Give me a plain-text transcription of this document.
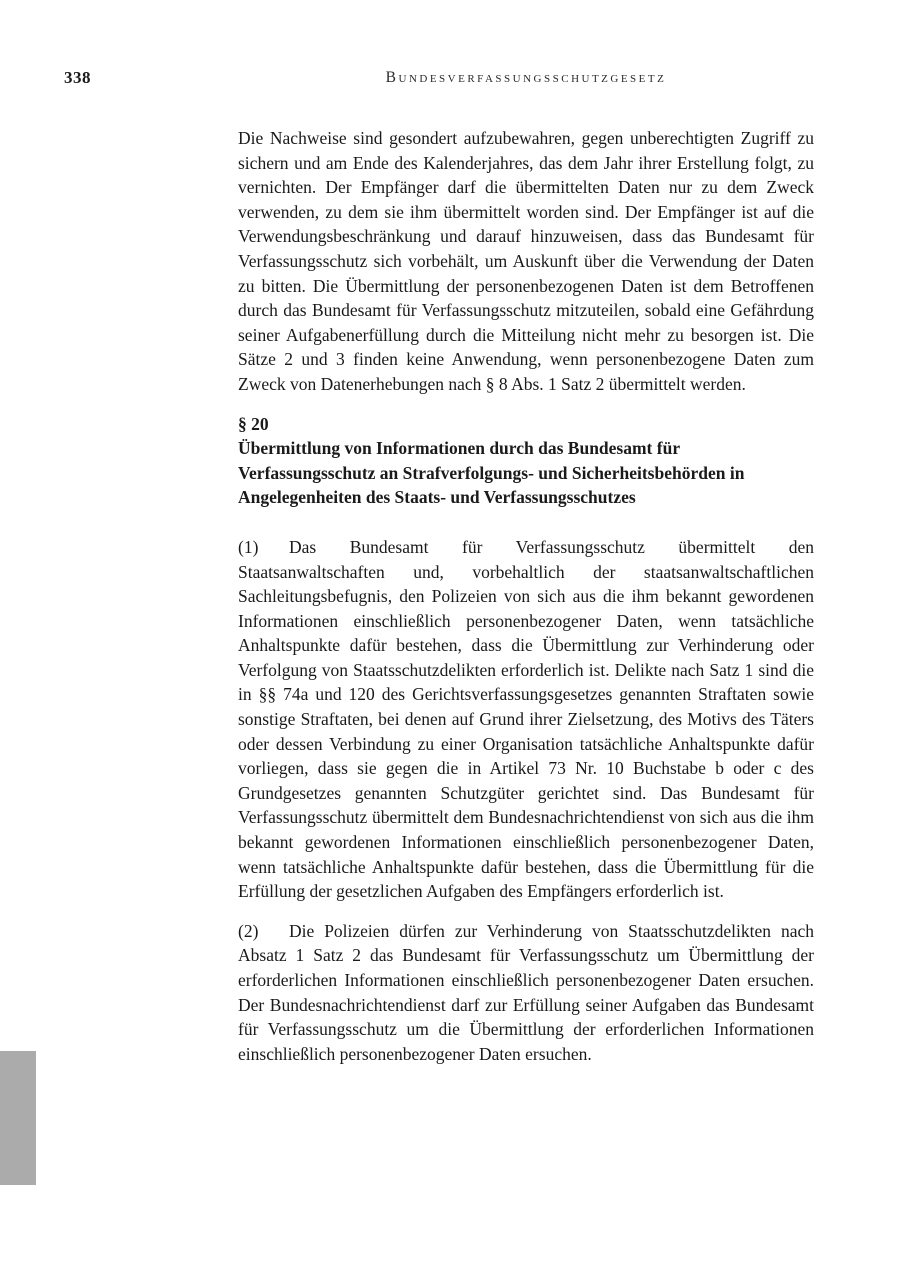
338	Bundesverfassungsschutzgesetz

Die Nachweise sind gesondert aufzubewahren, gegen unberechtigten Zugriff zu sichern und am Ende des Kalenderjahres, das dem Jahr ihrer Erstellung folgt, zu vernichten. Der Empfänger darf die übermittelten Daten nur zu dem Zweck verwenden, zu dem sie ihm übermittelt worden sind. Der Empfänger ist auf die Verwendungsbeschränkung und darauf hinzuweisen, dass das Bundesamt für Verfassungsschutz sich vorbehält, um Auskunft über die Verwendung der Daten zu bitten. Die Übermittlung der personenbezogenen Daten ist dem Betroffenen durch das Bundesamt für Verfassungsschutz mitzuteilen, sobald eine Gefährdung seiner Aufgabenerfüllung durch die Mitteilung nicht mehr zu besorgen ist. Die Sätze 2 und 3 finden keine Anwendung, wenn personenbezogene Daten zum Zweck von Datenerhebungen nach § 8 Abs. 1 Satz 2 übermittelt werden.

§ 20
Übermittlung von Informationen durch das Bundesamt für Verfassungsschutz an Strafverfolgungs- und Sicherheitsbehörden in Angelegenheiten des Staats- und Verfassungsschutzes

(1) Das Bundesamt für Verfassungsschutz übermittelt den Staatsanwaltschaften und, vorbehaltlich der staatsanwaltschaftlichen Sachleitungsbefugnis, den Polizeien von sich aus die ihm bekannt gewordenen Informationen einschließlich personenbezogener Daten, wenn tatsächliche Anhaltspunkte dafür bestehen, dass die Übermittlung zur Verhinderung oder Verfolgung von Staatsschutzdelikten erforderlich ist. Delikte nach Satz 1 sind die in §§ 74a und 120 des Gerichtsverfassungsgesetzes genannten Straftaten sowie sonstige Straftaten, bei denen auf Grund ihrer Zielsetzung, des Motivs des Täters oder dessen Verbindung zu einer Organisation tatsächliche Anhaltspunkte dafür vorliegen, dass sie gegen die in Artikel 73 Nr. 10 Buchstabe b oder c des Grundgesetzes genannten Schutzgüter gerichtet sind. Das Bundesamt für Verfassungsschutz übermittelt dem Bundesnachrichtendienst von sich aus die ihm bekannt gewordenen Informationen einschließlich personenbezogener Daten, wenn tatsächliche Anhaltspunkte dafür bestehen, dass die Übermittlung für die Erfüllung der gesetzlichen Aufgaben des Empfängers erforderlich ist.

(2) Die Polizeien dürfen zur Verhinderung von Staatsschutzdelikten nach Absatz 1 Satz 2 das Bundesamt für Verfassungsschutz um Übermittlung der erforderlichen Informationen einschließlich personenbezogener Daten ersuchen. Der Bundesnachrichtendienst darf zur Erfüllung seiner Aufgaben das Bundesamt für Verfassungsschutz um die Übermittlung der erforderlichen Informationen einschließlich personenbezogener Daten ersuchen.
